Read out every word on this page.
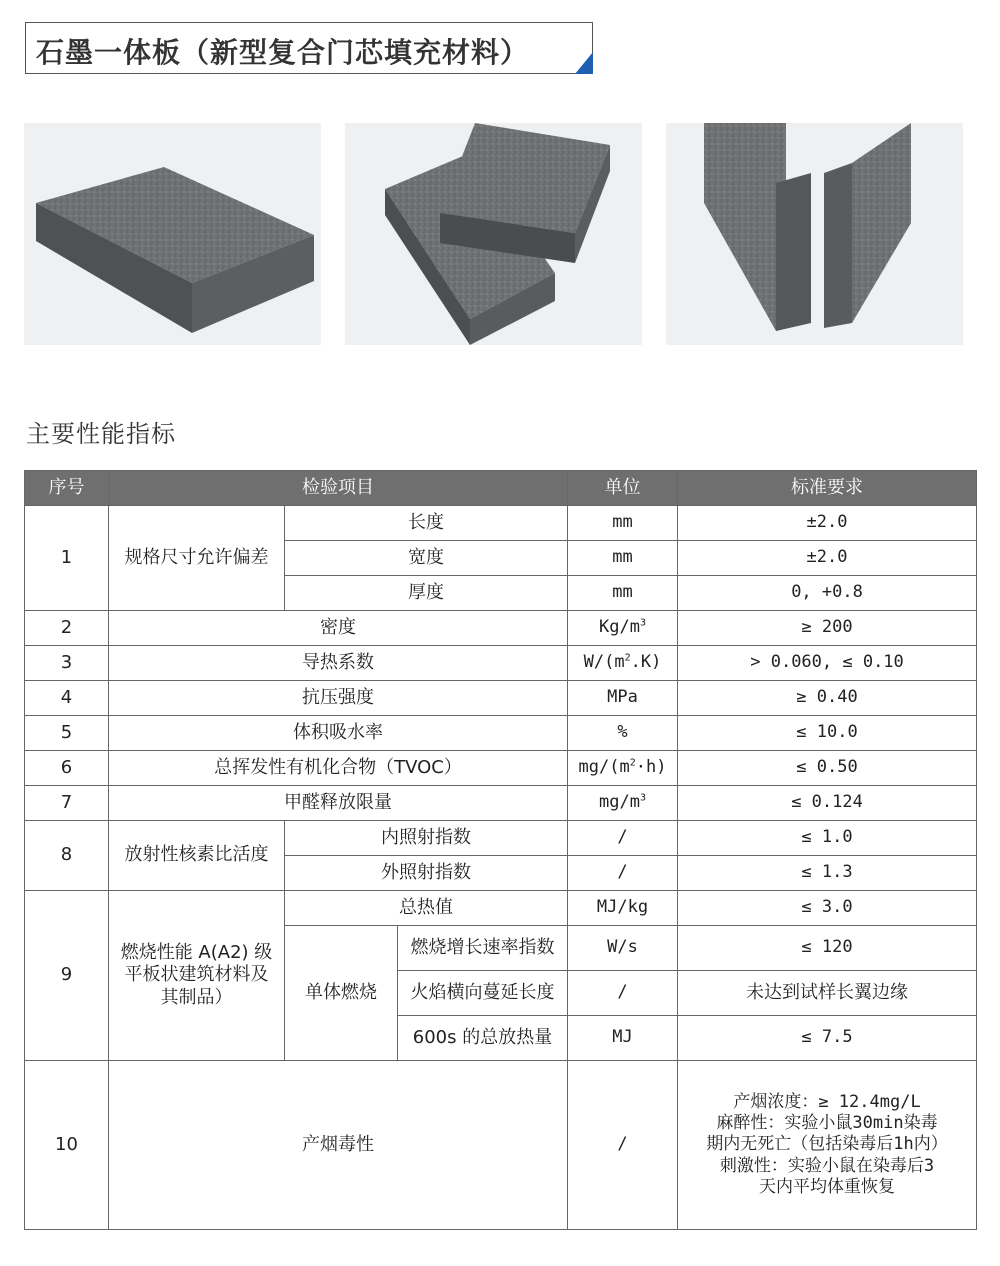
石墨一体板（新型复合门芯填充材料）
主要性能指标
序号	检验项目			单位	标准要求
1	规格尺寸允许偏差	长度		mm	±2.0
		宽度		mm	±2.0
		厚度		mm	0, +0.8
2	密度			$Kg/m^3$	≥ 200
3	导热系数			$W/(m^2.K)$	> 0.060, ≤ 0.10
4	抗压强度			MPa	≥ 0.40
5	体积吸水率			%	≤ 10.0
6	总挥发性有机化合物（TVOC）			$mg/(m^2\cdot h)$	≤ 0.50
7	甲醛释放限量			$mg/m^3$	≤ 0.124
8	放射性核素比活度	内照射指数		/	≤ 1.0
		外照射指数		/	≤ 1.3
9	燃烧性能 A(A2) 级
平板状建筑材料及
其制品）	总热值		MJ/kg	≤ 3.0
		单体燃烧	燃烧增长速率指数	W/s	≤ 120
			火焰横向蔓延长度	/	未达到试样长翼边缘
			600s 的总放热量	MJ	≤ 7.5
10	产烟毒性			/	产烟浓度：≥ 12.4mg/L
麻醉性：实验小鼠30min染毒
期内无死亡（包括染毒后1h内）
刺激性：实验小鼠在染毒后3
天内平均体重恢复
